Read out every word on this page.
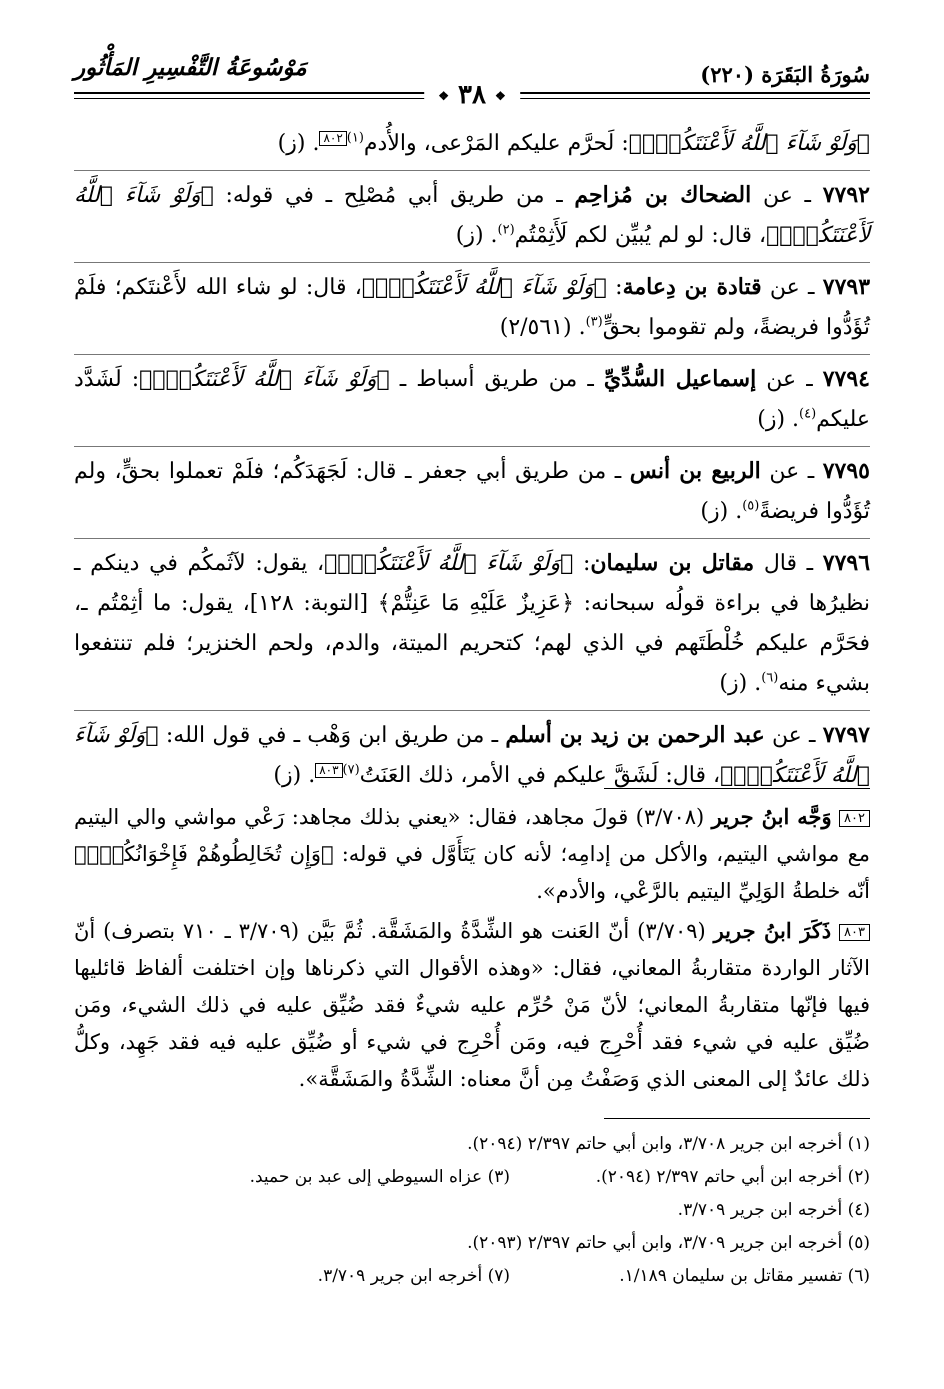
سُورَةُ البَقَرَة (٢٢٠)
مَوْسُوعَةُ التَّفْسِيرِ المَأْثُور
❖ ٣٨ ❖

﴿وَلَوْ شَآءَ ٱللَّهُ لَأَعْنَتَكُمْۚ﴾: لَحرَّم عليكم المَرْعى، والأُدم$^{(١)}$٨٠٢. (ز)

٧٧٩٢ ـ عن الضحاك بن مُزاحِم ـ من طريق أبي مُصْلِح ـ في قوله: ﴿وَلَوْ شَآءَ ٱللَّهُ لَأَعْنَتَكُمْۚ﴾، قال: لو لم يُبيِّن لكم لَأَثِمْتُم$^{(٢)}$. (ز)

٧٧٩٣ ـ عن قتادة بن دِعامة: ﴿وَلَوْ شَآءَ ٱللَّهُ لَأَعْنَتَكُمْۚ﴾، قال: لو شاء الله لأَعْنتَكم؛ فلَمْ تُؤَدُّوا فريضةً، ولم تقوموا بحقٍّ$^{(٣)}$. (٢/٥٦١)

٧٧٩٤ ـ عن إسماعيل السُّدِّيِّ ـ من طريق أسباط ـ ﴿وَلَوْ شَآءَ ٱللَّهُ لَأَعْنَتَكُمْۚ﴾: لَشَدَّد عليكم$^{(٤)}$. (ز)

٧٧٩٥ ـ عن الربيع بن أنس ـ من طريق أبي جعفر ـ قال: لَجَهَدَكُم؛ فلَمْ تعملوا بحقٍّ، ولم تُؤَدُّوا فريضةً$^{(٥)}$. (ز)

٧٧٩٦ ـ قال مقاتل بن سليمان: ﴿وَلَوْ شَآءَ ٱللَّهُ لَأَعْنَتَكُمْۚ﴾، يقول: لآثَمكُم في دينكم ـ نظيرُها في براءة قولُه سبحانه: ﴿عَزِيزٌ عَلَيْهِ مَا عَنِتُّمْ﴾ [التوبة: ١٢٨]، يقول: ما أثِمْتُم ـ، فحَرَّم عليكم خُلْطَتَهم في الذي لهم؛ كتحريم الميتة، والدم، ولحم الخنزير؛ فلم تنتفعوا بشيء منه$^{(٦)}$. (ز)

٧٧٩٧ ـ عن عبد الرحمن بن زيد بن أسلم ـ من طريق ابن وَهْب ـ في قول الله: ﴿وَلَوْ شَآءَ ٱللَّهُ لَأَعْنَتَكُمْۚ﴾، قال: لَشَقَّ عليكم في الأمر، ذلك العَنَتُ$^{(٧)}$٨٠٣. (ز)

٨٠٢ وَجَّه ابنُ جرير (٣/٧٠٨) قولَ مجاهد، فقال: «يعني بذلك مجاهد: رَعْي مواشي والي اليتيم مع مواشي اليتيم، والأكل من إدامِه؛ لأنه كان يَتَأَوَّل في قوله: ﴿وَإِن تُخَالِطُوهُمْ فَإِخْوَانُكُمْۚ﴾ أنّه خلطةُ الوَلِيِّ اليتيم بالرَّعْي، والأدم».

٨٠٣ ذَكَرَ ابنُ جرير (٣/٧٠٩) أنّ العَنت هو الشِّدَّةُ والمَشَقَّة. ثُمَّ بَيَّن (٣/٧٠٩ ـ ٧١٠ بتصرف) أنّ الآثار الواردة متقاربةُ المعاني، فقال: «وهذه الأقوال التي ذكرناها وإن اختلفت ألفاظ قائليها فيها فإنّها متقاربةُ المعاني؛ لأنّ مَنْ حُرِّم عليه شيءٌ فقد ضُيِّق عليه في ذلك الشيء، ومَن ضُيِّق عليه في شيء فقد أُحْرِج فيه، ومَن أُحْرِج في شيء أو ضُيِّق عليه فيه فقد جَهِد، وكلُّ ذلك عائدٌ إلى المعنى الذي وَصَفْتُ مِن أنَّ معناه: الشِّدَّةُ والمَشَقَّة».

(١) أخرجه ابن جرير ٣/٧٠٨، وابن أبي حاتم ٢/٣٩٧ (٢٠٩٤).
(٢) أخرجه ابن أبي حاتم ٢/٣٩٧ (٢٠٩٤).
(٣) عزاه السيوطي إلى عبد بن حميد.
(٤) أخرجه ابن جرير ٣/٧٠٩.
(٥) أخرجه ابن جرير ٣/٧٠٩، وابن أبي حاتم ٢/٣٩٧ (٢٠٩٣).
(٦) تفسير مقاتل بن سليمان ١/١٨٩.
(٧) أخرجه ابن جرير ٣/٧٠٩.
